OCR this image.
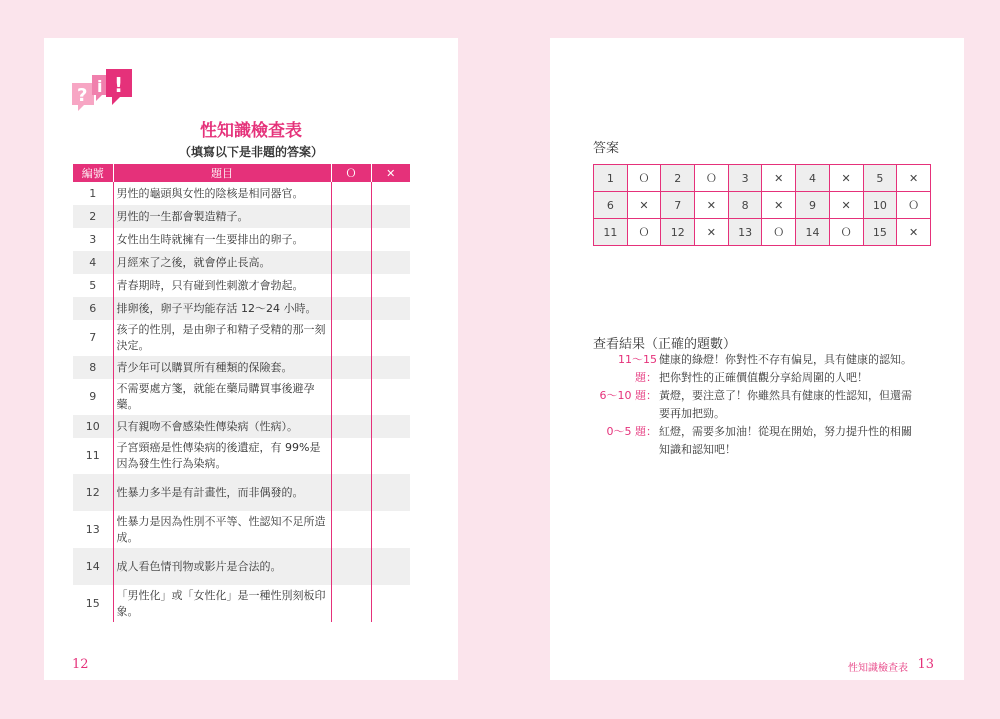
? i !
性知識檢查表
（填寫以下是非題的答案）
編號	題目	Ｏ	✕
1	男性的龜頭與女性的陰核是相同器官。		
2	男性的一生都會製造精子。		
3	女性出生時就擁有一生要排出的卵子。		
4	月經來了之後，就會停止長高。		
5	青春期時，只有碰到性刺激才會勃起。		
6	排卵後，卵子平均能存活 12～24 小時。		
7	孩子的性別，是由卵子和精子受精的那一刻決定。		
8	青少年可以購買所有種類的保險套。		
9	不需要處方箋，就能在藥局購買事後避孕藥。		
10	只有親吻不會感染性傳染病（性病）。		
11	子宮頸癌是性傳染病的後遺症，有 99%是因為發生性行為染病。		
12	性暴力多半是有計畫性，而非偶發的。		
13	性暴力是因為性別不平等、性認知不足所造成。		
14	成人看色情刊物或影片是合法的。		
15	「男性化」或「女性化」是一種性別刻板印象。		
12
答案
1	Ｏ	2	Ｏ	3	✕	4	✕	5	✕
6	✕	7	✕	8	✕	9	✕	10	Ｏ
11	Ｏ	12	✕	13	Ｏ	14	Ｏ	15	✕
查看結果（正確的題數）
11～15 題：
健康的綠燈！你對性不存有偏見，具有健康的認知。
把你對性的正確價值觀分享給周圍的人吧！
6～10 題： 黃燈，要注意了！你雖然具有健康的性認知，但還需
要再加把勁。
0～5 題： 紅燈，需要多加油！從現在開始，努力提升性的相關
知識和認知吧！
性知識檢查表 13
